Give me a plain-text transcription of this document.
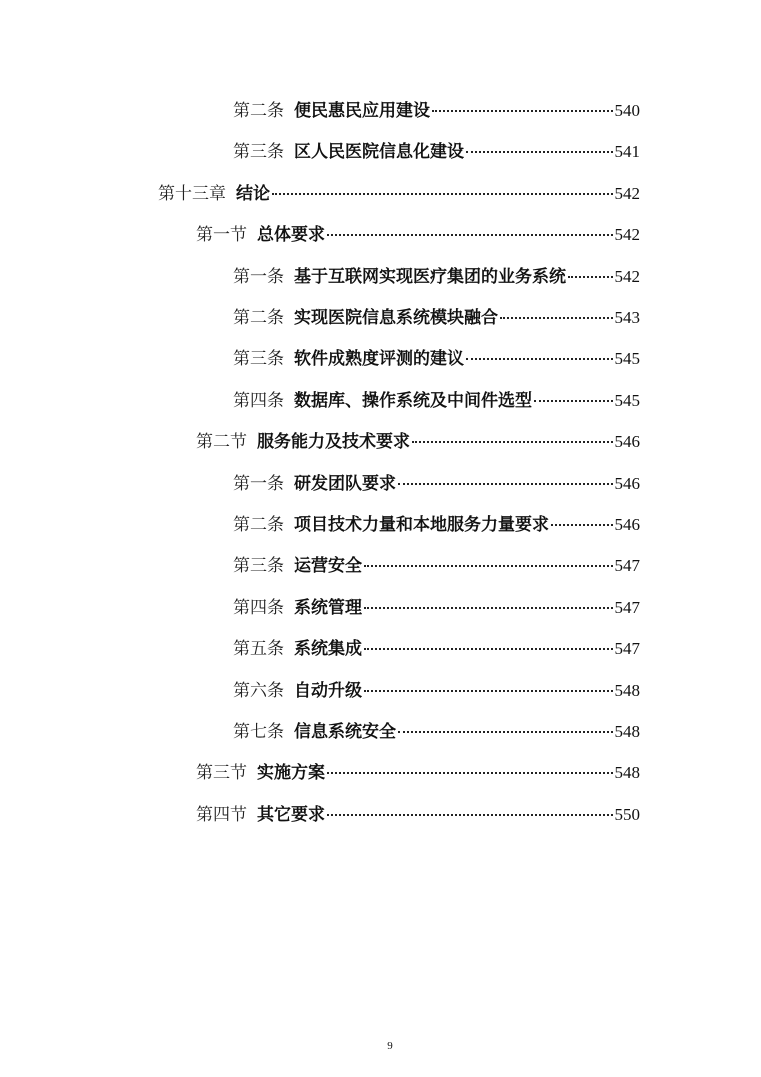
第二条 便民惠民应用建设	540
第三条 区人民医院信息化建设	541
第十三章 结论	542
第一节 总体要求	542
第一条 基于互联网实现医疗集团的业务系统	542
第二条 实现医院信息系统模块融合	543
第三条 软件成熟度评测的建议	545
第四条 数据库、操作系统及中间件选型	545
第二节 服务能力及技术要求	546
第一条 研发团队要求	546
第二条 项目技术力量和本地服务力量要求	546
第三条 运营安全	547
第四条 系统管理	547
第五条 系统集成	547
第六条 自动升级	548
第七条 信息系统安全	548
第三节 实施方案	548
第四节 其它要求	550
9
